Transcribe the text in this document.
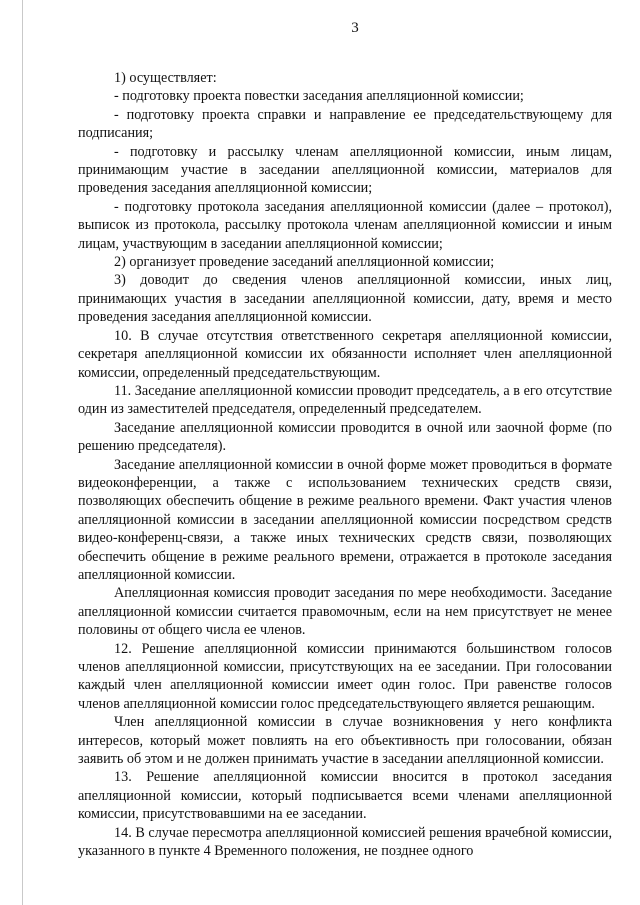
3

1) осуществляет:

- подготовку проекта повестки заседания апелляционной комиссии;

- подготовку проекта справки и направление ее председательствующему для подписания;

- подготовку и рассылку членам апелляционной комиссии, иным лицам, принимающим участие в заседании апелляционной комиссии, материалов для проведения заседания апелляционной комиссии;

- подготовку протокола заседания апелляционной комиссии (далее – протокол), выписок из протокола, рассылку протокола членам апелляционной комиссии и иным лицам, участвующим в заседании апелляционной комиссии;

2) организует проведение заседаний апелляционной комиссии;

3) доводит до сведения членов апелляционной комиссии, иных лиц, принимающих участия в заседании апелляционной комиссии, дату, время и место проведения заседания апелляционной комиссии.

10. В случае отсутствия ответственного секретаря апелляционной комиссии, секретаря апелляционной комиссии их обязанности исполняет член апелляционной комиссии, определенный председательствующим.

11. Заседание апелляционной комиссии проводит председатель, а в его отсутствие один из заместителей председателя, определенный председателем.

Заседание апелляционной комиссии проводится в очной или заочной форме (по решению председателя).

Заседание апелляционной комиссии в очной форме может проводиться в формате видеоконференции, а также с использованием технических средств связи, позволяющих обеспечить общение в режиме реального времени. Факт участия членов апелляционной комиссии в заседании апелляционной комиссии посредством средств видео-конференц-связи, а также иных технических средств связи, позволяющих обеспечить общение в режиме реального времени, отражается в протоколе заседания апелляционной комиссии.

Апелляционная комиссия проводит заседания по мере необходимости. Заседание апелляционной комиссии считается правомочным, если на нем присутствует не менее половины от общего числа ее членов.

12. Решение апелляционной комиссии принимаются большинством голосов членов апелляционной комиссии, присутствующих на ее заседании. При голосовании каждый член апелляционной комиссии имеет один голос. При равенстве голосов членов апелляционной комиссии голос председательствующего является решающим.

Член апелляционной комиссии в случае возникновения у него конфликта интересов, который может повлиять на его объективность при голосовании, обязан заявить об этом и не должен принимать участие в заседании апелляционной комиссии.

13. Решение апелляционной комиссии вносится в протокол заседания апелляционной комиссии, который подписывается всеми членами апелляционной комиссии, присутствовавшими на ее заседании.

14. В случае пересмотра апелляционной комиссией решения врачебной комиссии, указанного в пункте 4 Временного положения, не позднее одного
